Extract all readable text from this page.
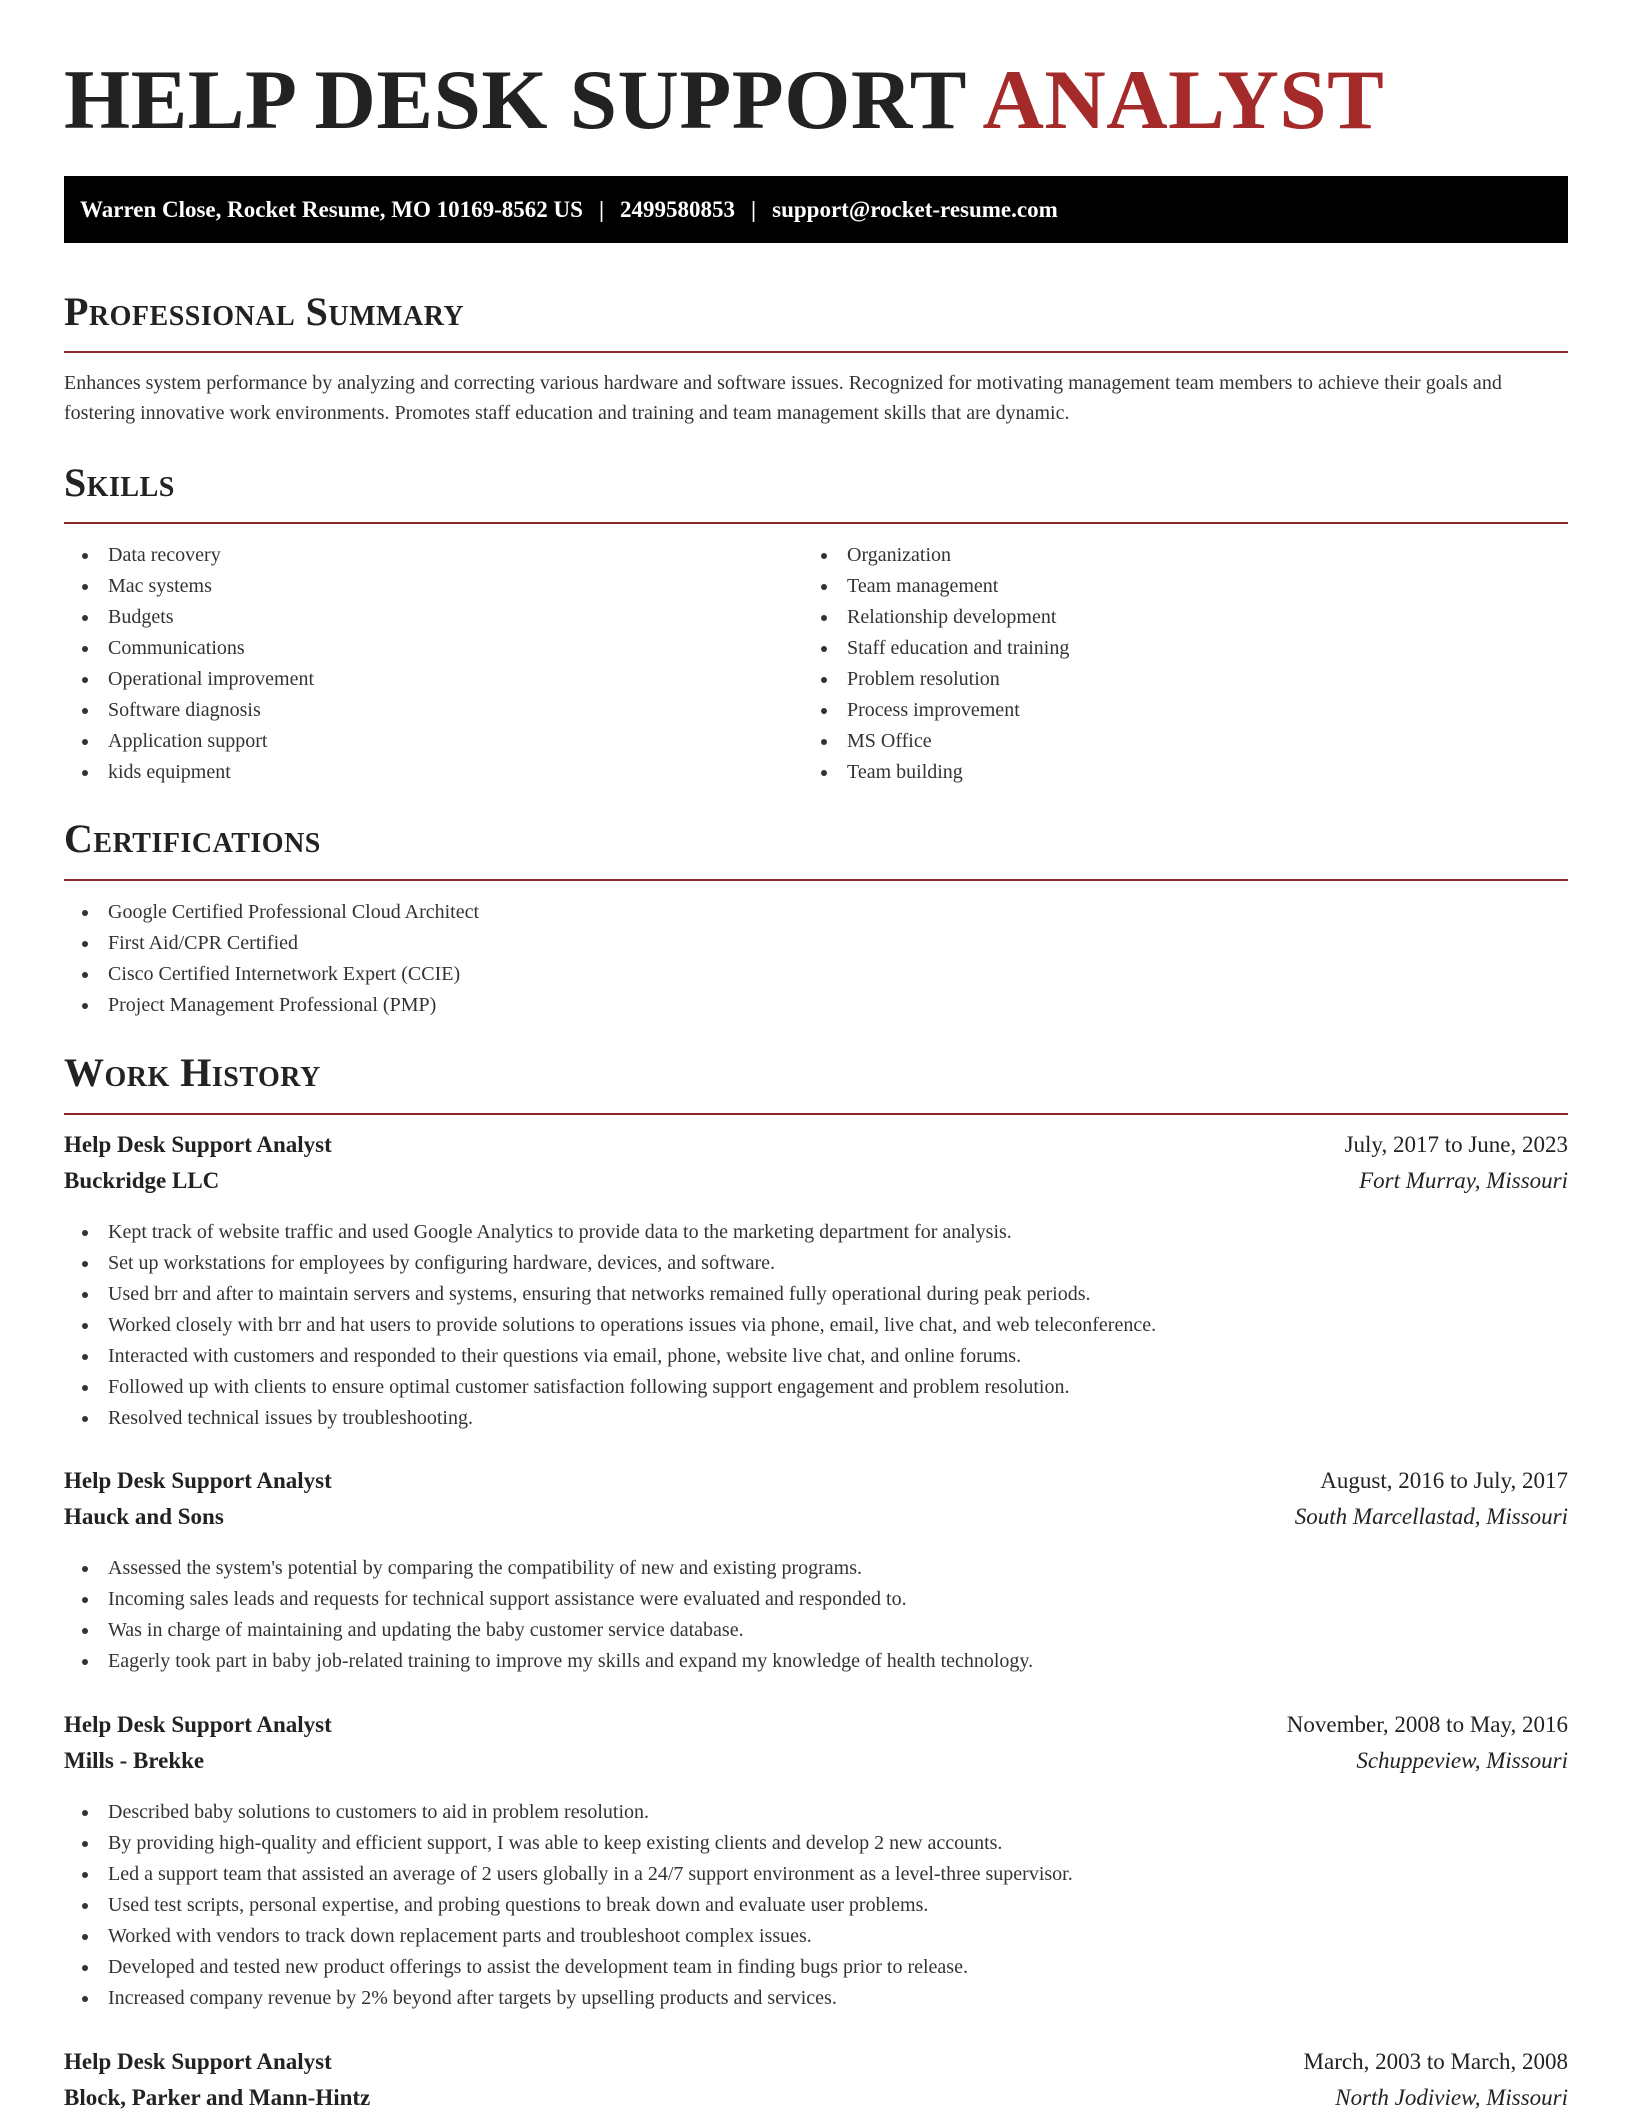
HELP DESK SUPPORT ANALYST
Warren Close, Rocket Resume, MO 10169-8562 US | 2499580853 | support@rocket-resume.com
Professional Summary

Enhances system performance by analyzing and correcting various hardware and software issues. Recognized for motivating management team members to achieve their goals and fostering innovative work environments. Promotes staff education and training and team management skills that are dynamic.

Skills
Data recovery
Mac systems
Budgets
Communications
Operational improvement
Software diagnosis
Application support
kids equipment
Organization
Team management
Relationship development
Staff education and training
Problem resolution
Process improvement
MS Office
Team building
Certifications
Google Certified Professional Cloud Architect
First Aid/CPR Certified
Cisco Certified Internetwork Expert (CCIE)
Project Management Professional (PMP)
Work History
Help Desk Support Analyst	July, 2017 to June, 2023
Buckridge LLC	Fort Murray, Missouri
Kept track of website traffic and used Google Analytics to provide data to the marketing department for analysis.
Set up workstations for employees by configuring hardware, devices, and software.
Used brr and after to maintain servers and systems, ensuring that networks remained fully operational during peak periods.
Worked closely with brr and hat users to provide solutions to operations issues via phone, email, live chat, and web teleconference.
Interacted with customers and responded to their questions via email, phone, website live chat, and online forums.
Followed up with clients to ensure optimal customer satisfaction following support engagement and problem resolution.
Resolved technical issues by troubleshooting.
Help Desk Support Analyst	August, 2016 to July, 2017
Hauck and Sons	South Marcellastad, Missouri
Assessed the system's potential by comparing the compatibility of new and existing programs.
Incoming sales leads and requests for technical support assistance were evaluated and responded to.
Was in charge of maintaining and updating the baby customer service database.
Eagerly took part in baby job-related training to improve my skills and expand my knowledge of health technology.
Help Desk Support Analyst	November, 2008 to May, 2016
Mills - Brekke	Schuppeview, Missouri
Described baby solutions to customers to aid in problem resolution.
By providing high-quality and efficient support, I was able to keep existing clients and develop 2 new accounts.
Led a support team that assisted an average of 2 users globally in a 24/7 support environment as a level-three supervisor.
Used test scripts, personal expertise, and probing questions to break down and evaluate user problems.
Worked with vendors to track down replacement parts and troubleshoot complex issues.
Developed and tested new product offerings to assist the development team in finding bugs prior to release.
Increased company revenue by 2% beyond after targets by upselling products and services.
Help Desk Support Analyst	March, 2003 to March, 2008
Block, Parker and Mann-Hintz	North Jodiview, Missouri
